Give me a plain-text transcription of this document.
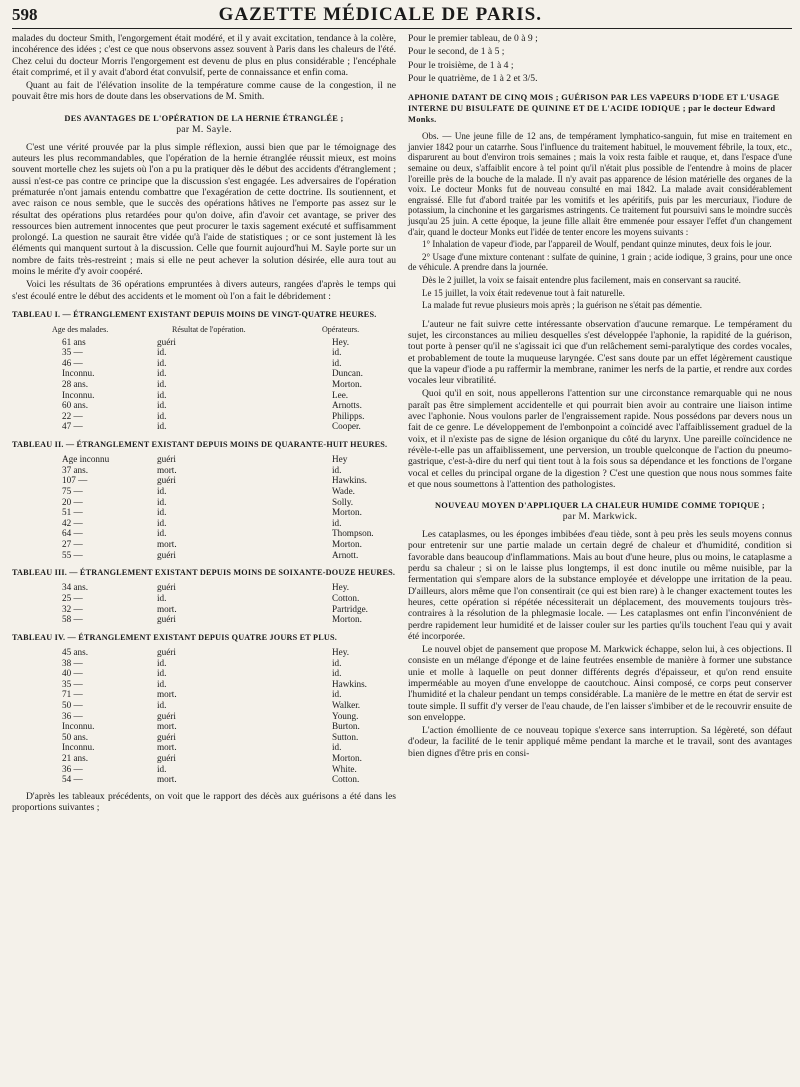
598	GAZETTE MÉDICALE DE PARIS.

malades du docteur Smith, l'engorgement était modéré, et il y avait excitation, tendance à la colère, incohérence des idées ; c'est ce que nous observons assez souvent à Paris dans les chaleurs de l'été. Chez celui du docteur Morris l'engorgement est devenu de plus en plus considérable ; l'encéphale était comprimé, et il y avait d'abord état convulsif, perte de connaissance et enfin coma.

Quant au fait de l'élévation insolite de la température comme cause de la congestion, il ne pouvait être mis hors de doute dans les observations de M. Smith.

DES AVANTAGES DE L'OPÉRATION DE LA HERNIE ÉTRANGLÉE ;
par M. Sayle.

C'est une vérité prouvée par la plus simple réflexion, aussi bien que par le témoignage des auteurs les plus recommandables, que l'opération de la hernie étranglée réussit mieux, est moins souvent mortelle chez les sujets où l'on a pu la pratiquer dès le début des accidents d'étranglement ; aussi n'est-ce pas contre ce principe que la discussion s'est engagée. Les adversaires de l'opération prématurée n'ont jamais entendu combattre que l'exagération de cette doctrine. Ils soutiennent, et avec raison ce nous semble, que le succès des opérations hâtives ne l'emporte pas assez sur le résultat des opérations plus retardées pour qu'on doive, afin d'avoir cet avantage, se priver des ressources bien autrement innocentes que peut procurer le taxis sagement exécuté et suffisamment prolongé. La question ne saurait être vidée qu'à l'aide de statistiques ; or ce sont justement là les éléments qui manquent surtout à la discussion. Celle que fournit aujourd'hui M. Sayle porte sur un nombre de faits très-restreint ; mais si elle ne peut achever la solution désirée, elle aura tout au moins le mérite d'y avoir coopéré.

Voici les résultats de 36 opérations empruntées à divers auteurs, rangées d'après le temps qui s'est écoulé entre le début des accidents et le moment où l'on a fait le débridement :

TABLEAU I. — ÉTRANGLEMENT EXISTANT DEPUIS MOINS DE VINGT-QUATRE HEURES.
Age des malades.	Résultat de l'opération.	Opérateurs.
61 ans	guéri	Hey.
35 —	id.	id.
46 —	id.	id.
Inconnu.	id.	Duncan.
28 ans.	id.	Morton.
Inconnu.	id.	Lee.
60 ans.	id.	Arnotts.
22 —	id.	Philipps.
47 —	id.	Cooper.
TABLEAU II. — ÉTRANGLEMENT EXISTANT DEPUIS MOINS DE QUARANTE-HUIT HEURES.
Age inconnu	guéri	Hey
37 ans.	mort.	id.
107 —	guéri	Hawkins.
75 —	id.	Wade.
20 —	id.	Solly.
51 —	id.	Morton.
42 —	id.	id.
64 —	id.	Thompson.
27 —	mort.	Morton.
55 —	guéri	Arnott.
TABLEAU III. — ÉTRANGLEMENT EXISTANT DEPUIS MOINS DE SOIXANTE-DOUZE HEURES.
34 ans.	guéri	Hey.
25 —	id.	Cotton.
32 —	mort.	Partridge.
58 —	guéri	Morton.
TABLEAU IV. — ÉTRANGLEMENT EXISTANT DEPUIS QUATRE JOURS ET PLUS.
45 ans.	guéri	Hey.
38 —	id.	id.
40 —	id.	id.
35 —	id.	Hawkins.
71 —	mort.	id.
50 —	id.	Walker.
36 —	guéri	Young.
Inconnu.	mort.	Burton.
50 ans.	guéri	Sutton.
Inconnu.	mort.	id.
21 ans.	guéri	Morton.
36 —	id.	White.
54 —	mort.	Cotton.

D'après les tableaux précédents, on voit que le rapport des décès aux guérisons a été dans les proportions suivantes ;

Pour le premier tableau, de 0 à 9 ;

Pour le second, de 1 à 5 ;

Pour le troisième, de 1 à 4 ;

Pour le quatrième, de 1 à 2 et 3/5.

APHONIE DATANT DE CINQ MOIS ; GUÉRISON PAR LES VAPEURS D'IODE ET L'USAGE INTERNE DU BISULFATE DE QUININE ET DE L'ACIDE IODIQUE ; par le docteur Edward Monks.

Obs. — Une jeune fille de 12 ans, de tempérament lymphatico-sanguin, fut mise en traitement en janvier 1842 pour un catarrhe. Sous l'influence du traitement habituel, le mouvement fébrile, la toux, etc., disparurent au bout d'environ trois semaines ; mais la voix resta faible et rauque, et, dans l'espace d'une semaine ou deux, s'affaiblit encore à tel point qu'il n'était plus possible de l'entendre à moins de placer l'oreille près de la bouche de la malade. Il n'y avait pas apparence de lésion matérielle des organes de la voix. Le docteur Monks fut de nouveau consulté en mai 1842. La malade avait considérablement engraissé. Elle fut d'abord traitée par les vomitifs et les apéritifs, puis par les mercuriaux, l'iodure de potassium, la cinchonine et les gargarismes astringents. Ce traitement fut poursuivi sans le moindre succès jusqu'au 25 juin. A cette époque, la jeune fille allait être emmenée pour essayer l'effet d'un changement d'air, quand le docteur Monks eut l'idée de tenter encore les moyens suivants :

1° Inhalation de vapeur d'iode, par l'appareil de Woulf, pendant quinze minutes, deux fois le jour.

2° Usage d'une mixture contenant : sulfate de quinine, 1 grain ; acide iodique, 3 grains, pour une once de véhicule. A prendre dans la journée.

Dès le 2 juillet, la voix se faisait entendre plus facilement, mais en conservant sa raucité.

Le 15 juillet, la voix était redevenue tout à fait naturelle.

La malade fut revue plusieurs mois après ; la guérison ne s'était pas démentie.

L'auteur ne fait suivre cette intéressante observation d'aucune remarque. Le tempérament du sujet, les circonstances au milieu desquelles s'est développée l'aphonie, la rapidité de la guérison, tout porte à penser qu'il ne s'agissait ici que d'un relâchement semi-paralytique des cordes vocales, et probablement de toute la muqueuse laryngée. C'est sans doute par un effet légèrement caustique que la vapeur d'iode a pu raffermir la membrane, ranimer les nerfs de la partie, et rendre aux cordes vocales leur vibratilité.

Quoi qu'il en soit, nous appellerons l'attention sur une circonstance remarquable qui ne nous paraît pas être simplement accidentelle et qui pourrait bien avoir au contraire une liaison intime avec l'aphonie. Nous voulons parler de l'engraissement rapide. Nous possédons par devers nous un fait de ce genre. Le développement de l'embonpoint a coïncidé avec l'affaiblissement graduel de la voix, et il n'existe pas de signe de lésion organique du côté du larynx. Une pareille coïncidence ne révèle-t-elle pas un affaiblissement, une perversion, un trouble quelconque de l'action du pneumo-gastrique, c'est-à-dire du nerf qui tient tout à la fois sous sa dépendance et les fonctions de l'organe vocal et celles du principal organe de la digestion ? C'est une question que nous nous sommes faite et que nous soumettons à l'attention des pathologistes.

NOUVEAU MOYEN D'APPLIQUER LA CHALEUR HUMIDE COMME TOPIQUE ;
par M. Markwick.

Les cataplasmes, ou les éponges imbibées d'eau tiède, sont à peu près les seuls moyens connus pour entretenir sur une partie malade un certain degré de chaleur et d'humidité, condition si favorable dans beaucoup d'inflammations. Mais au bout d'une heure, plus ou moins, le cataplasme a perdu sa chaleur ; si on le laisse plus longtemps, il est donc inutile ou même nuisible, par la fermentation qui s'empare alors de la substance employée et développe une irritation de la peau. D'ailleurs, alors même que l'on consentirait (ce qui est bien rare) à le changer exactement toutes les heures, cette opération si répétée nécessiterait un déplacement, des mouvements toujours très-contraires à la résolution de la phlegmasie locale. — Les cataplasmes ont enfin l'inconvénient de perdre rapidement leur humidité et de laisser couler sur les parties qu'ils touchent l'eau qui y avait été incorporée.

Le nouvel objet de pansement que propose M. Markwick échappe, selon lui, à ces objections. Il consiste en un mélange d'éponge et de laine feutrées ensemble de manière à former une substance unie et molle à laquelle on peut donner différents degrés d'épaisseur, et qu'on rend ensuite imperméable au moyen d'une enveloppe de caoutchouc. Ainsi composé, ce corps peut conserver l'humidité et la chaleur pendant un temps considérable. La manière de le mettre en état de servir est toute simple. Il suffit d'y verser de l'eau chaude, de l'en laisser s'imbiber et de le recouvrir ensuite de son enveloppe.

L'action émolliente de ce nouveau topique s'exerce sans interruption. Sa légèreté, son défaut d'odeur, la facilité de le tenir appliqué même pendant la marche et le travail, sont des avantages bien dignes d'être pris en consi-
